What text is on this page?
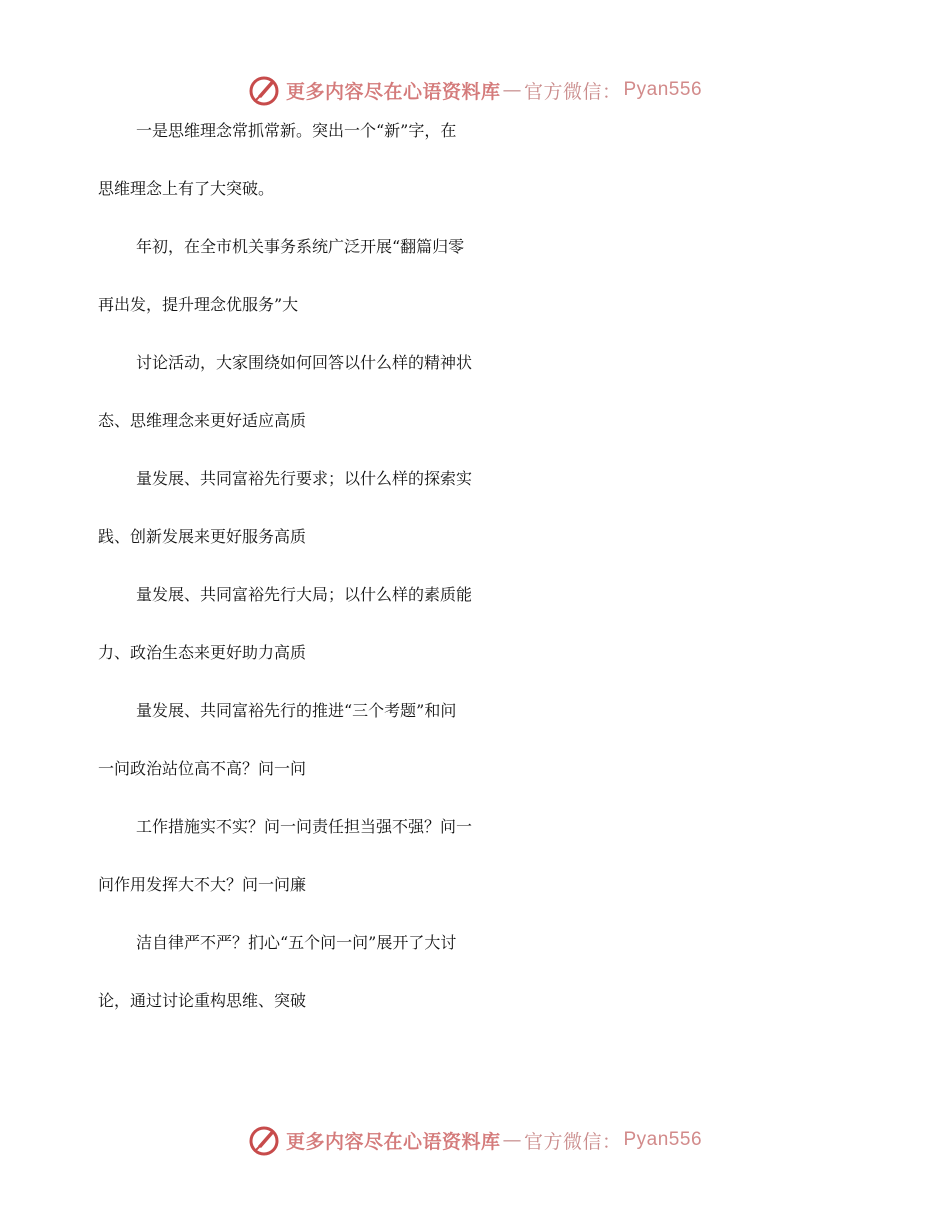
更多内容尽在心语资料库 — 官方微信： Pyan556
一是思维理念常抓常新。突出一个“新”字，在
思维理念上有了大突破。
年初，在全市机关事务系统广泛开展“翻篇归零
再出发，提升理念优服务”大
讨论活动，大家围绕如何回答以什么样的精神状
态、思维理念来更好适应高质
量发展、共同富裕先行要求；以什么样的探索实
践、创新发展来更好服务高质
量发展、共同富裕先行大局；以什么样的素质能
力、政治生态来更好助力高质
量发展、共同富裕先行的推进“三个考题”和问
一问政治站位高不高？问一问
工作措施实不实？问一问责任担当强不强？问一
问作用发挥大不大？问一问廉
洁自律严不严？扪心“五个问一问”展开了大讨
论，通过讨论重构思维、突破
更多内容尽在心语资料库 — 官方微信： Pyan556
